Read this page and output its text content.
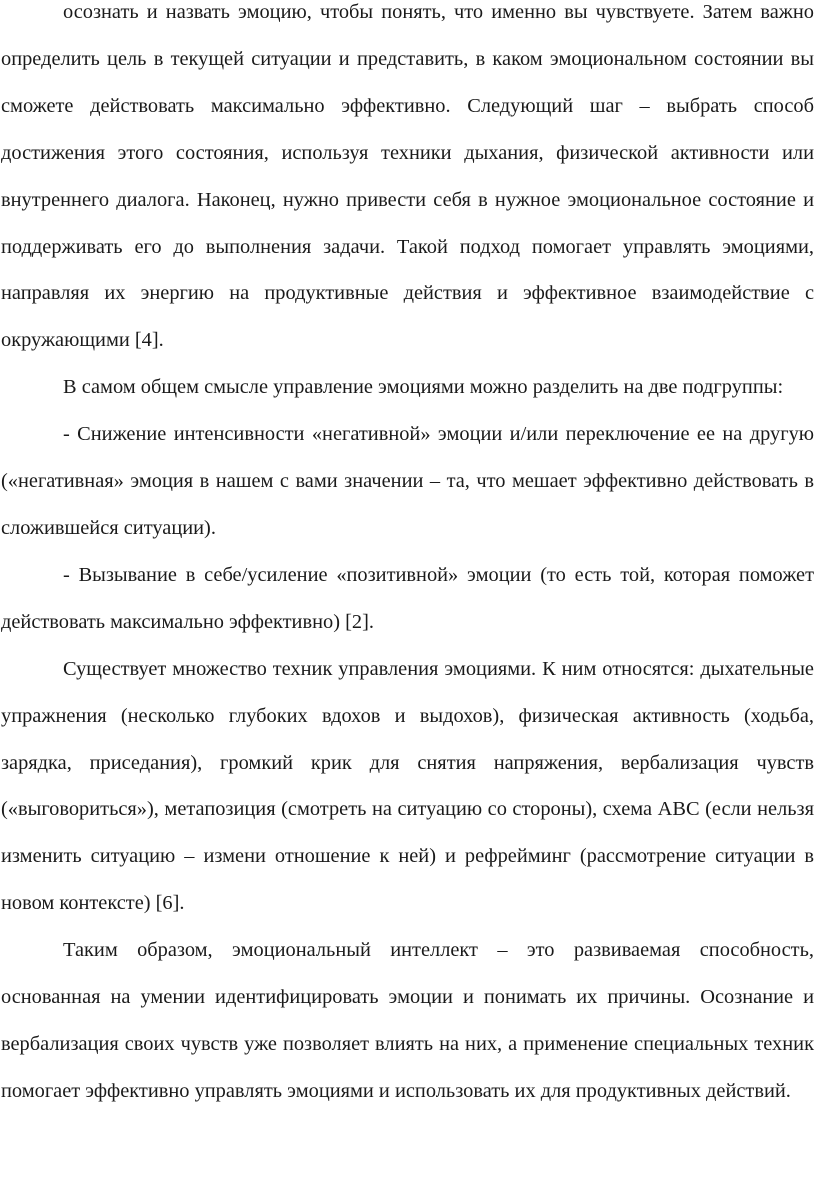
осознать и назвать эмоцию, чтобы понять, что именно вы чувствуете. Затем важно определить цель в текущей ситуации и представить, в каком эмоциональном состоянии вы сможете действовать максимально эффективно. Следующий шаг – выбрать способ достижения этого состояния, используя техники дыхания, физической активности или внутреннего диалога. Наконец, нужно привести себя в нужное эмоциональное состояние и поддерживать его до выполнения задачи. Такой подход помогает управлять эмоциями, направляя их энергию на продуктивные действия и эффективное взаимодействие с окружающими [4].

В самом общем смысле управление эмоциями можно разделить на две подгруппы:

- Снижение интенсивности «негативной» эмоции и/или переключение ее на другую («негативная» эмоция в нашем с вами значении – та, что мешает эффективно действовать в сложившейся ситуации).

- Вызывание в себе/усиление «позитивной» эмоции (то есть той, которая поможет действовать максимально эффективно) [2].

Существует множество техник управления эмоциями. К ним относятся: дыхательные упражнения (несколько глубоких вдохов и выдохов), физическая активность (ходьба, зарядка, приседания), громкий крик для снятия напряжения, вербализация чувств («выговориться»), метапозиция (смотреть на ситуацию со стороны), схема АВС (если нельзя изменить ситуацию – измени отношение к ней) и рефрейминг (рассмотрение ситуации в новом контексте) [6].

Таким образом, эмоциональный интеллект – это развиваемая способность, основанная на умении идентифицировать эмоции и понимать их причины. Осознание и вербализация своих чувств уже позволяет влиять на них, а применение специальных техник помогает эффективно управлять эмоциями и использовать их для продуктивных действий.
